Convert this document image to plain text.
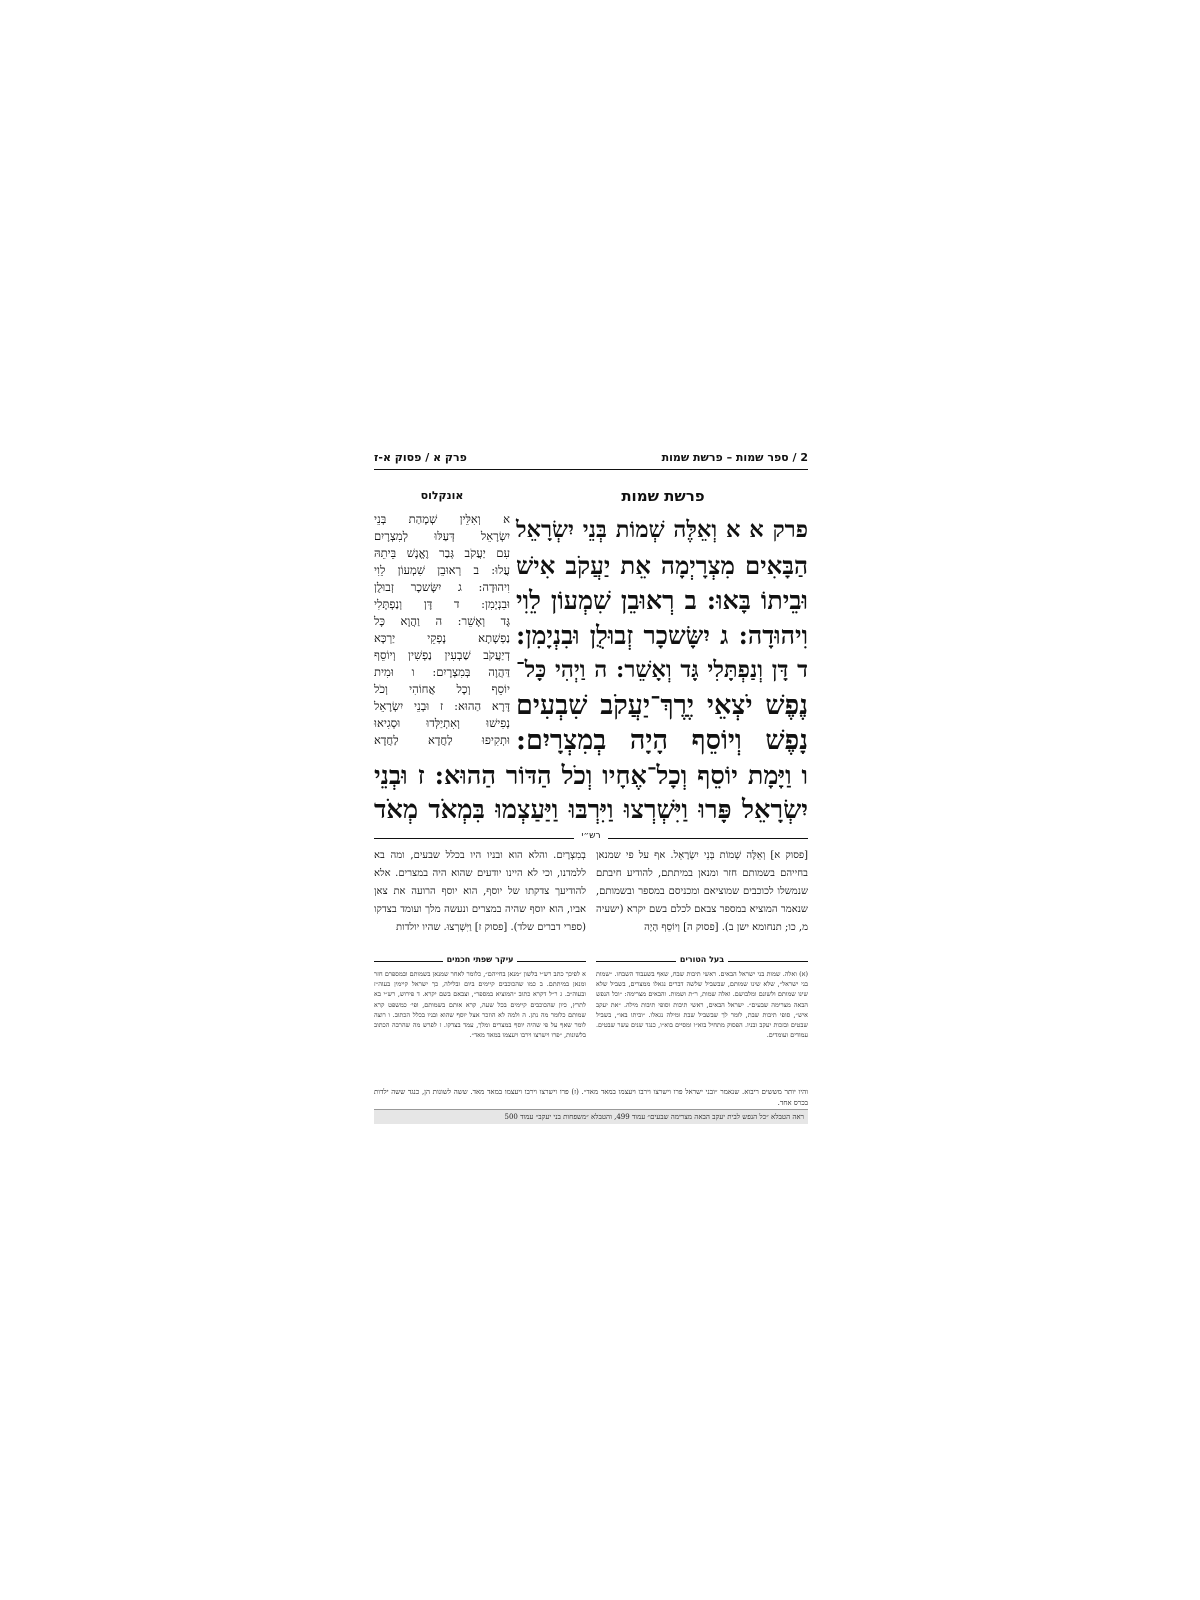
2 / ספר שמות – פרשת שמות
פרק א / פסוק א-ז
פרשת שמות
אונקלוס
פרק א א וְאֵלֶּה שְׁמוֹת בְּנֵי יִשְׂרָאֵל
הַבָּאִים מִצְרָיְמָה אֵת יַעֲקֹב אִישׁ
וּבֵיתוֹ בָּאוּ: ב רְאוּבֵן שִׁמְעוֹן לֵוִי
וִיהוּדָה: ג יִשָּׂשכָר זְבוּלֻן וּבִנְיָמִן:
ד דָּן וְנַפְתָּלִי גָּד וְאָשֵׁר: ה וַיְהִי כָּל־
נֶפֶשׁ יֹצְאֵי יֶרֶךְ־יַעֲקֹב שִׁבְעִים
נָפֶשׁ וְיוֹסֵף הָיָה בְמִצְרָיִם:
ו וַיָּמָת יוֹסֵף וְכָל־אֶחָיו וְכֹל הַדּוֹר הַהוּא: ז וּבְנֵי
יִשְׂרָאֵל פָּרוּ וַיִּשְׁרְצוּ וַיִּרְבּוּ וַיַּעַצְמוּ בִּמְאֹד מְאֹד
א וְאִלֵּין שְׁמָהַת בְּנֵי
יִשְׂרָאֵל דְּעַלּוּ לְמִצְרָיִם
עִם יַעֲקֹב גְּבַר וֶאֱנָשׁ בֵּיתֵהּ
עֲלוּ: ב רְאוּבֵן שִׁמְעוֹן לֵוִי
וִיהוּדָה: ג יִשָּׂשכָר זְבוּלֻן
וּבִנְיָמִן: ד דָּן וְנַפְתָּלִי
גָּד וְאָשֵׁר: ה וַהֲוָא כָּל
נַפְשָׁתָא נָפְקֵי יַרְכָּא
דְיַעֲקֹב שַׁבְעִין נַפְשִׁין וְיוֹסֵף
דַּהֲוָה בְּמִצְרָיִם: ו וּמִית
יוֹסֵף וְכָל אֲחוֹהִי וְכֹל
דָּרָא הַהוּא: ז וּבְנֵי יִשְׂרָאֵל
נְפִישׁוּ וְאִתְיַלְּדוּ וּסְגִיאוּ
וּתְקִיפוּ לַחֲדָא לַחֲדָא
רש״י
[פסוק א] וְאֵלֶּה שְׁמוֹת בְּנֵי יִשְׂרָאֵל. אף על פי שמנאן בחייהם בשמותם חזר ומנאן במיתתם, להודיע חיבתם שנמשלו לכוכבים שמוציאם ומכניסם במספר ובשמותם, שנאמר המוציא במספר צבאם לכלם בשם יקרא (ישעיה מ, כו; תנחומא ישן ב). [פסוק ה] וְיוֹסֵף הָיָה
בְמִצְרָיִם. והלא הוא ובניו היו בכלל שבעים, ומה בא ללמדנו, וכי לא היינו יודעים שהוא היה במצרים. אלא להודיעך צדקתו של יוסף, הוא יוסף הרועה את צאן אביו, הוא יוסף שהיה במצרים ונעשה מלך ועומד בצדקו (ספרי דברים שלד). [פסוק ז] וַיִּשְׁרְצוּ. שהיו יולדות
בעל הטורים
עיקר שפתי חכמים
(א) ואלה. שמות בני ישראל הבאים. ראשי תיבות שבח, שאף בשעבוד השבחו. ״שמות בני ישראל״, שלא שינו שמותם, שבשביל שלשה דברים נגאלו ממצרים, בשביל שלא שינו שמותם ולשונם ומלבושם. ואלה שמות, ר״ת ושמות. והבאים מצרימה: ״וכל הנפש הבאה מצרימה שבעים״. ישראל הבאים, ראשי תיבות וסופי תיבות מילה. ״את יעקב איש״, סופי תיבות שבת, לומר לך שבשביל שבת ומילה נגאלו. ״וביתו באו״, בשביל שבטים ובזכות יעקב ובניו. הפסוק מתחיל בוא״ו ומסיים בוא״ו, כנגד שנים עשר שבטים. עמודים ועומדים.
א לפיכך כתב רש״י בלשון ״מנאן בחייהם״, כלומר לאחר שמנאן בשמותם ובמספרם חזר ומנאן במיתתם. ב כמו שהכוכבים קיימים ביום ובלילה, כך ישראל קיימין בעוה״ז ובעוה״ב. ג ר״ל דקרא כתוב ״המוציא במספר״, וצבאם בשם יקרא. ד פירוש, רש״י בא לתרץ, כיון שהכוכבים קיימים בכל שעה, קרא אותם בשמותם, ופי׳ כמשפט קרא שמותם כלומר מה נתן. ה ולמה לא הוזכר אצל יוסף שהוא ובניו בכלל הכתוב. ו רוצה לומר שאף על פי שהיה יוסף במצרים ומלך, עמד בצדקו. ז לפרש מה שהרבה הכתוב בלשונות, ״פרו וישרצו וירבו ויעצמו במאד מאד״.
והיו יותר מששים ריבוא. שנאמר ״ובני ישראל פרו וישרצו וירבו ויעצמו במאד מאד״. (ז) פרו וישרצו וירבו ויעצמו במאד מאד. ששה לשונות הן, כנגד ששה ילדות בכרס אחד.
ראה הטבלא ״כל הנפש לבית יעקב הבאה מצרימה שבעים״ עמוד 499, והטבלא ״משפחות בני יעקב״ עמוד 500
